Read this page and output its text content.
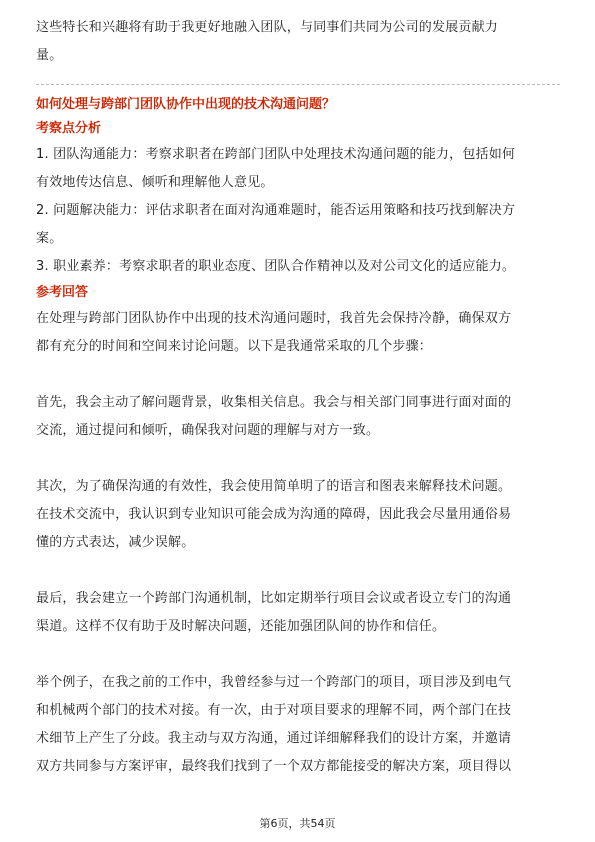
这些特长和兴趣将有助于我更好地融入团队，与同事们共同为公司的发展贡献力

量。

如何处理与跨部门团队协作中出现的技术沟通问题？

考察点分析

1. 团队沟通能力：考察求职者在跨部门团队中处理技术沟通问题的能力，包括如何

有效地传达信息、倾听和理解他人意见。

2. 问题解决能力：评估求职者在面对沟通难题时，能否运用策略和技巧找到解决方

案。

3. 职业素养：考察求职者的职业态度、团队合作精神以及对公司文化的适应能力。

参考回答

在处理与跨部门团队协作中出现的技术沟通问题时，我首先会保持冷静，确保双方

都有充分的时间和空间来讨论问题。以下是我通常采取的几个步骤：

首先，我会主动了解问题背景，收集相关信息。我会与相关部门同事进行面对面的

交流，通过提问和倾听，确保我对问题的理解与对方一致。

其次，为了确保沟通的有效性，我会使用简单明了的语言和图表来解释技术问题。

在技术交流中，我认识到专业知识可能会成为沟通的障碍，因此我会尽量用通俗易

懂的方式表达，减少误解。

最后，我会建立一个跨部门沟通机制，比如定期举行项目会议或者设立专门的沟通

渠道。这样不仅有助于及时解决问题，还能加强团队间的协作和信任。

举个例子，在我之前的工作中，我曾经参与过一个跨部门的项目，项目涉及到电气

和机械两个部门的技术对接。有一次，由于对项目要求的理解不同，两个部门在技

术细节上产生了分歧。我主动与双方沟通，通过详细解释我们的设计方案，并邀请

双方共同参与方案评审，最终我们找到了一个双方都能接受的解决方案，项目得以

第6页，共54页
